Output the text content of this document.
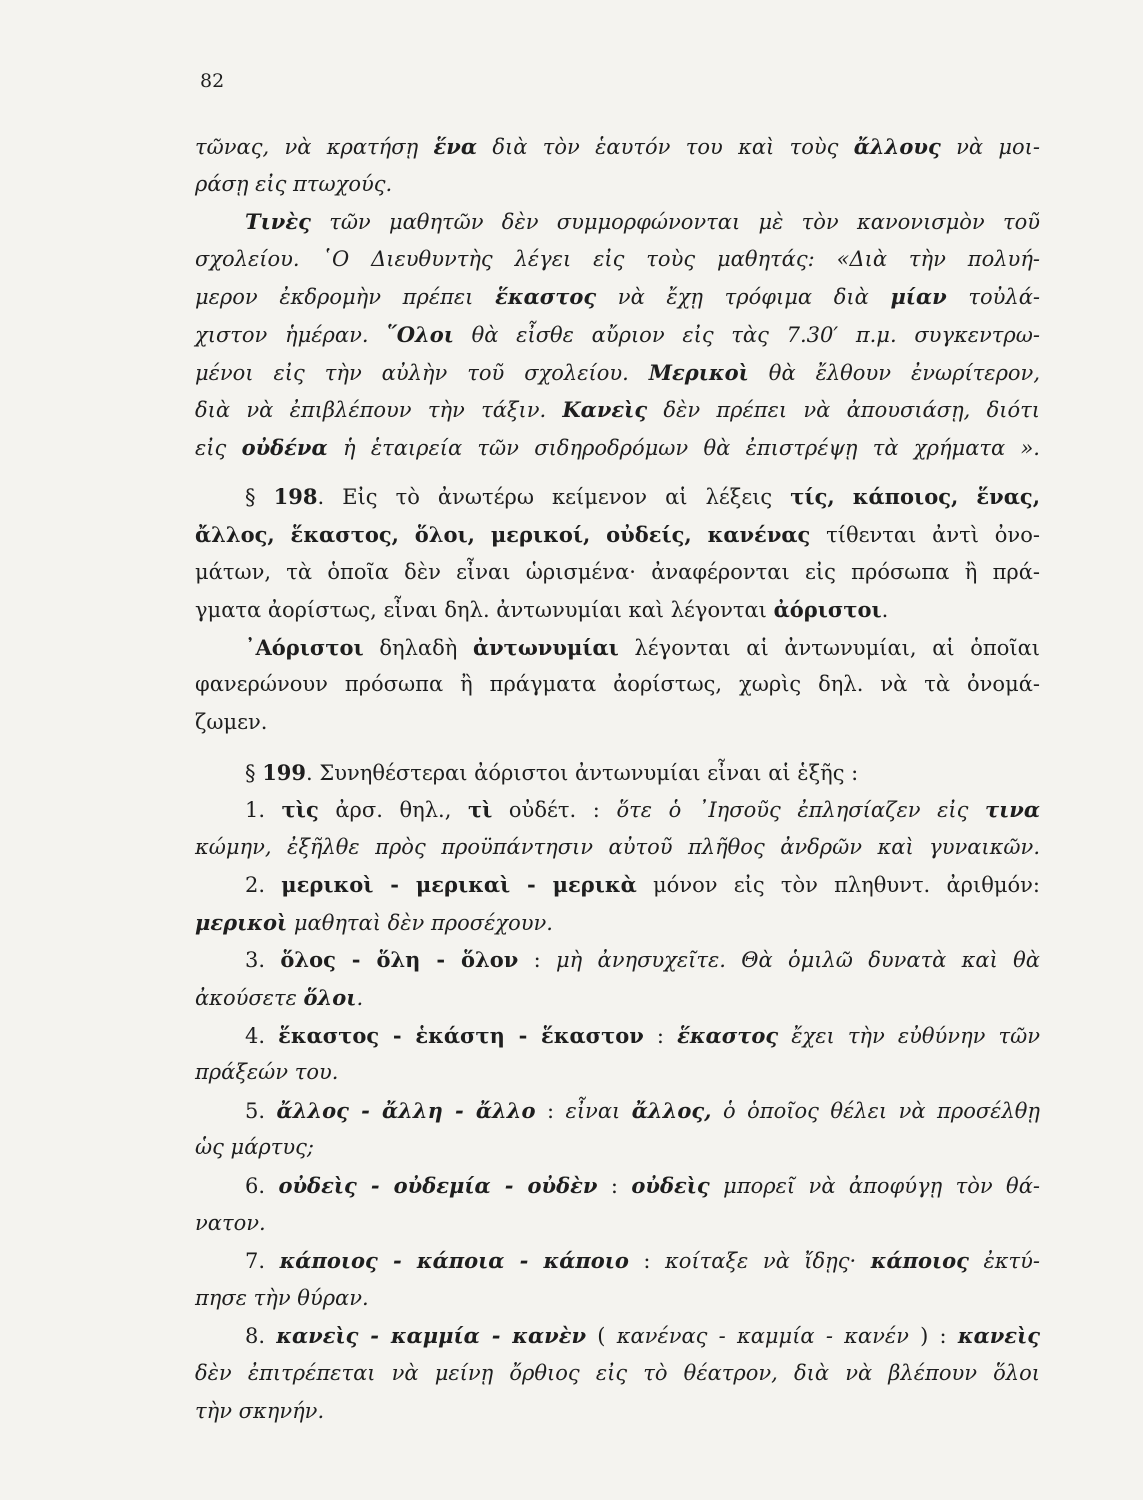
82
τῶνας, νὰ κρατήσῃ ἕνα διὰ τὸν ἑαυτόν του καὶ τοὺς ἄλλους νὰ μοι-
ράσῃ εἰς πτωχούς.
Τινὲς τῶν μαθητῶν δὲν συμμορφώνονται μὲ τὸν κανονισμὸν τοῦ
σχολείου. ῾Ο Διευθυντὴς λέγει εἰς τοὺς μαθητάς: «Διὰ τὴν πολυή-
μερον ἐκδρομὴν πρέπει ἕκαστος νὰ ἔχῃ τρόφιμα διὰ μίαν τοὐλά-
χιστον ἡμέραν. ῞Ολοι θὰ εἶσθε αὔριον εἰς τὰς 7.30′ π.μ. συγκεντρω-
μένοι εἰς τὴν αὐλὴν τοῦ σχολείου. Μερικοὶ θὰ ἔλθουν ἐνωρίτερον,
διὰ νὰ ἐπιβλέπουν τὴν τάξιν. Κανεὶς δὲν πρέπει νὰ ἀπουσιάσῃ, διότι
εἰς οὐδένα ἡ ἑταιρεία τῶν σιδηροδρόμων θὰ ἐπιστρέψῃ τὰ χρήματα ».
§ 198. Εἰς τὸ ἀνωτέρω κείμενον αἱ λέξεις τίς, κάποιος, ἕνας,
ἄλλος, ἕκαστος, ὅλοι, μερικοί, οὐδείς, κανένας τίθενται ἀντὶ ὀνο-
μάτων, τὰ ὁποῖα δὲν εἶναι ὡρισμένα· ἀναφέρονται εἰς πρόσωπα ἢ πρά-
γματα ἀορίστως, εἶναι δηλ. ἀντωνυμίαι καὶ λέγονται ἀόριστοι.
᾿Αόριστοι δηλαδὴ ἀντωνυμίαι λέγονται αἱ ἀντωνυμίαι, αἱ ὁποῖαι
φανερώνουν πρόσωπα ἢ πράγματα ἀορίστως, χωρὶς δηλ. νὰ τὰ ὀνομά-
ζωμεν.
§ 199. Συνηθέστεραι ἀόριστοι ἀντωνυμίαι εἶναι αἱ ἑξῆς :
1. τὶς ἀρσ. θηλ., τὶ οὐδέτ. : ὅτε ὁ ᾿Ιησοῦς ἐπλησίαζεν εἰς τινα
κώμην, ἐξῆλθε πρὸς προϋπάντησιν αὐτοῦ πλῆθος ἀνδρῶν καὶ γυναικῶν.
2. μερικοὶ - μερικαὶ - μερικὰ μόνον εἰς τὸν πληθυντ. ἀριθμόν:
μερικοὶ μαθηταὶ δὲν προσέχουν.
3. ὅλος - ὅλη - ὅλον : μὴ ἀνησυχεῖτε. Θὰ ὁμιλῶ δυνατὰ καὶ θὰ
ἀκούσετε ὅλοι.
4. ἕκαστος - ἑκάστη - ἕκαστον : ἕκαστος ἔχει τὴν εὐθύνην τῶν
πράξεών του.
5. ἄλλος - ἄλλη - ἄλλο : εἶναι ἄλλος, ὁ ὁποῖος θέλει νὰ προσέλθῃ
ὡς μάρτυς;
6. οὐδεὶς - οὐδεμία - οὐδὲν : οὐδεὶς μπορεῖ νὰ ἀποφύγῃ τὸν θά-
νατον.
7. κάποιος - κάποια - κάποιο : κοίταξε νὰ ἴδῃς· κάποιος ἐκτύ-
πησε τὴν θύραν.
8. κανεὶς - καμμία - κανὲν ( κανένας - καμμία - κανέν ) : κανεὶς
δὲν ἐπιτρέπεται νὰ μείνῃ ὄρθιος εἰς τὸ θέατρον, διὰ νὰ βλέπουν ὅλοι
τὴν σκηνήν.
